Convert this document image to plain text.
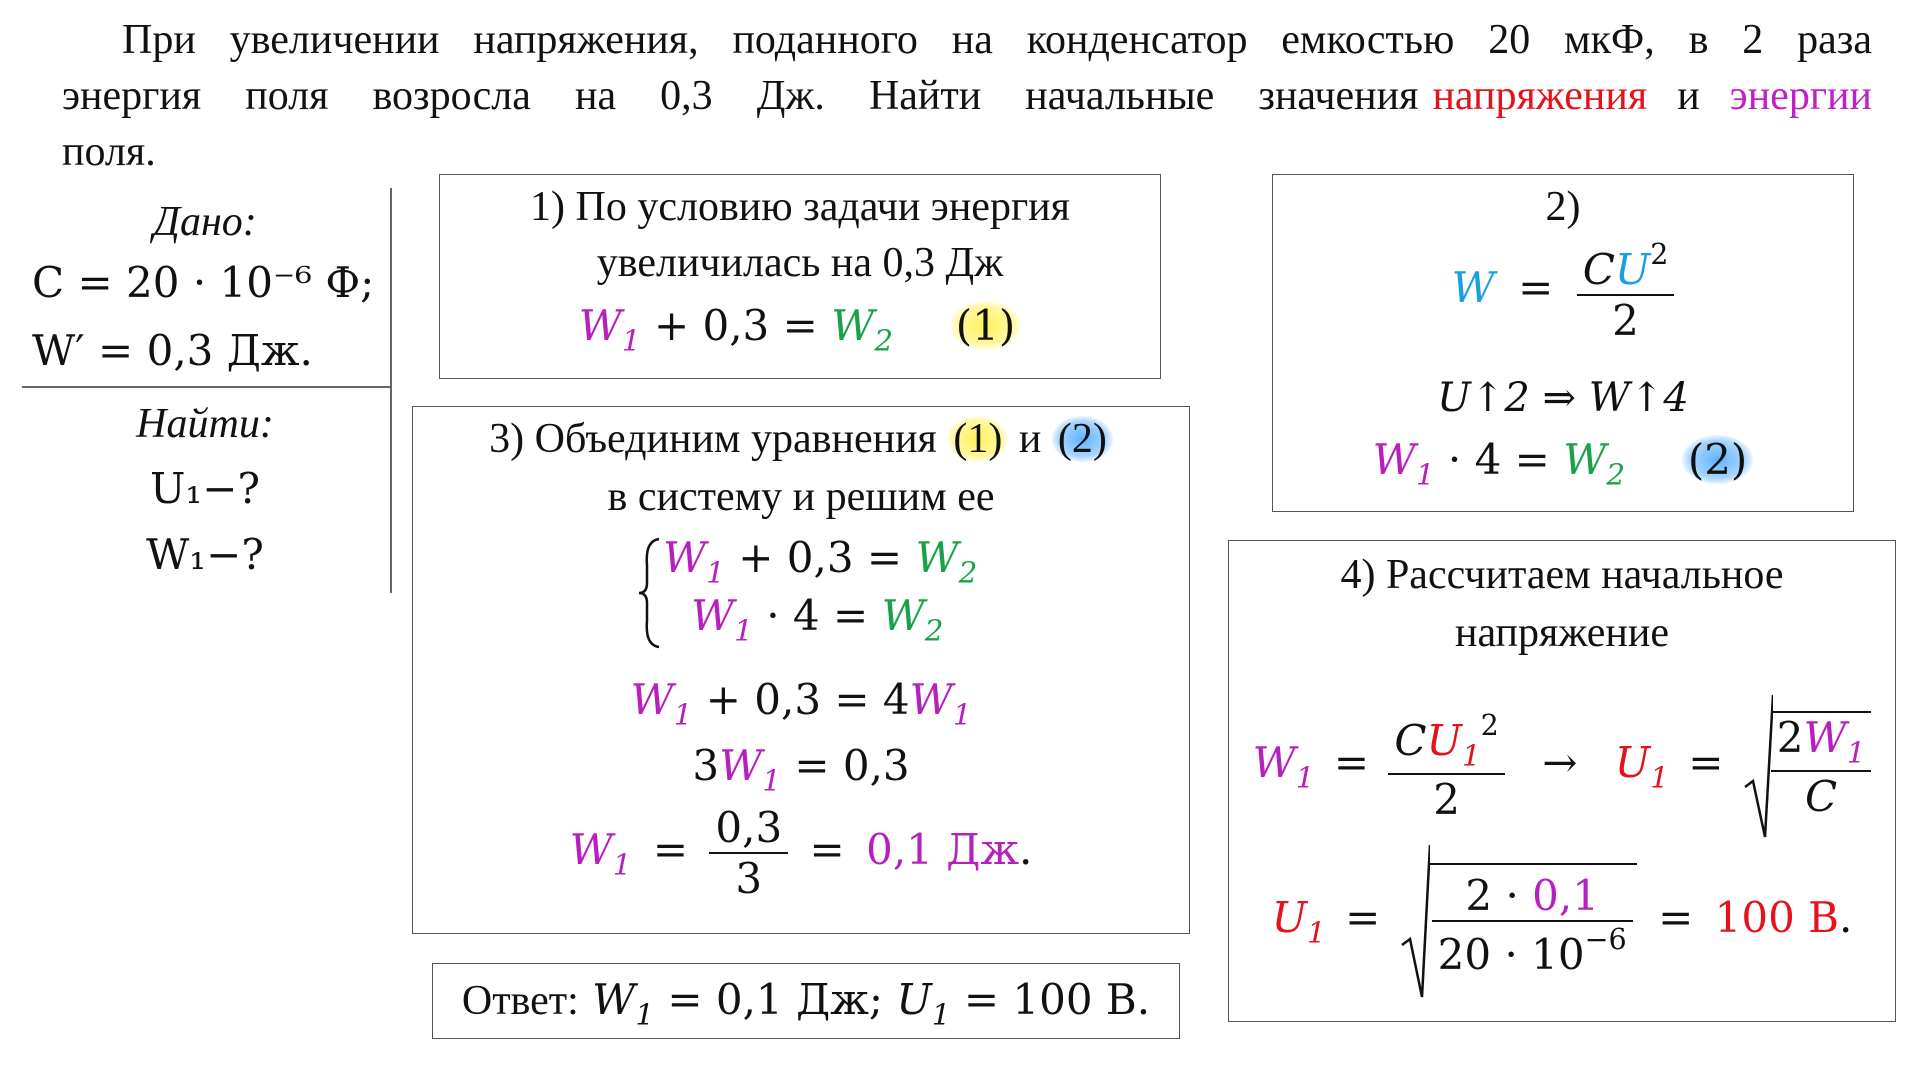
При увеличении напряжения, поданного на конденсатор емкостью 20 мкФ, в 2 раза
энергия поля возросла на 0,3 Дж. Найти начальные значения напряжения и энергии
поля.
Дано:
C = 20 · 10⁻⁶ Ф;
W′ = 0,3 Дж.
Найти:
U₁−?
W₁−?
1) По условию задачи энергия
увеличилась на 0,3 Дж
$W_1 + 0,3 = W_2$ (1)
2)
$W = \frac{CU^2}{2}$
U↑2 ⇒ W↑4
$W_1 \cdot 4 = W_2$ (2)
3) Объединим уравнения (1) и (2)
в систему и решим ее
$W_1 + 0,3 = W_2$
$W_1 \cdot 4 = W_2$
$W_1 + 0,3 = 4W_1$
$3W_1 = 0,3$
$W_1 = \frac{0,3}{3} = 0,1$ Дж.
4) Рассчитаем начальное
напряжение
$W_1 = \frac{CU_1^2}{2} \to U_1 = \frac{2W_1}{C}$
$U_1 = \frac{2 \cdot 0,1}{20 \cdot 10^{-6}} = 100$ В.
Ответ: $W_1 = 0,1$ Дж; $U_1 = 100$ В.
